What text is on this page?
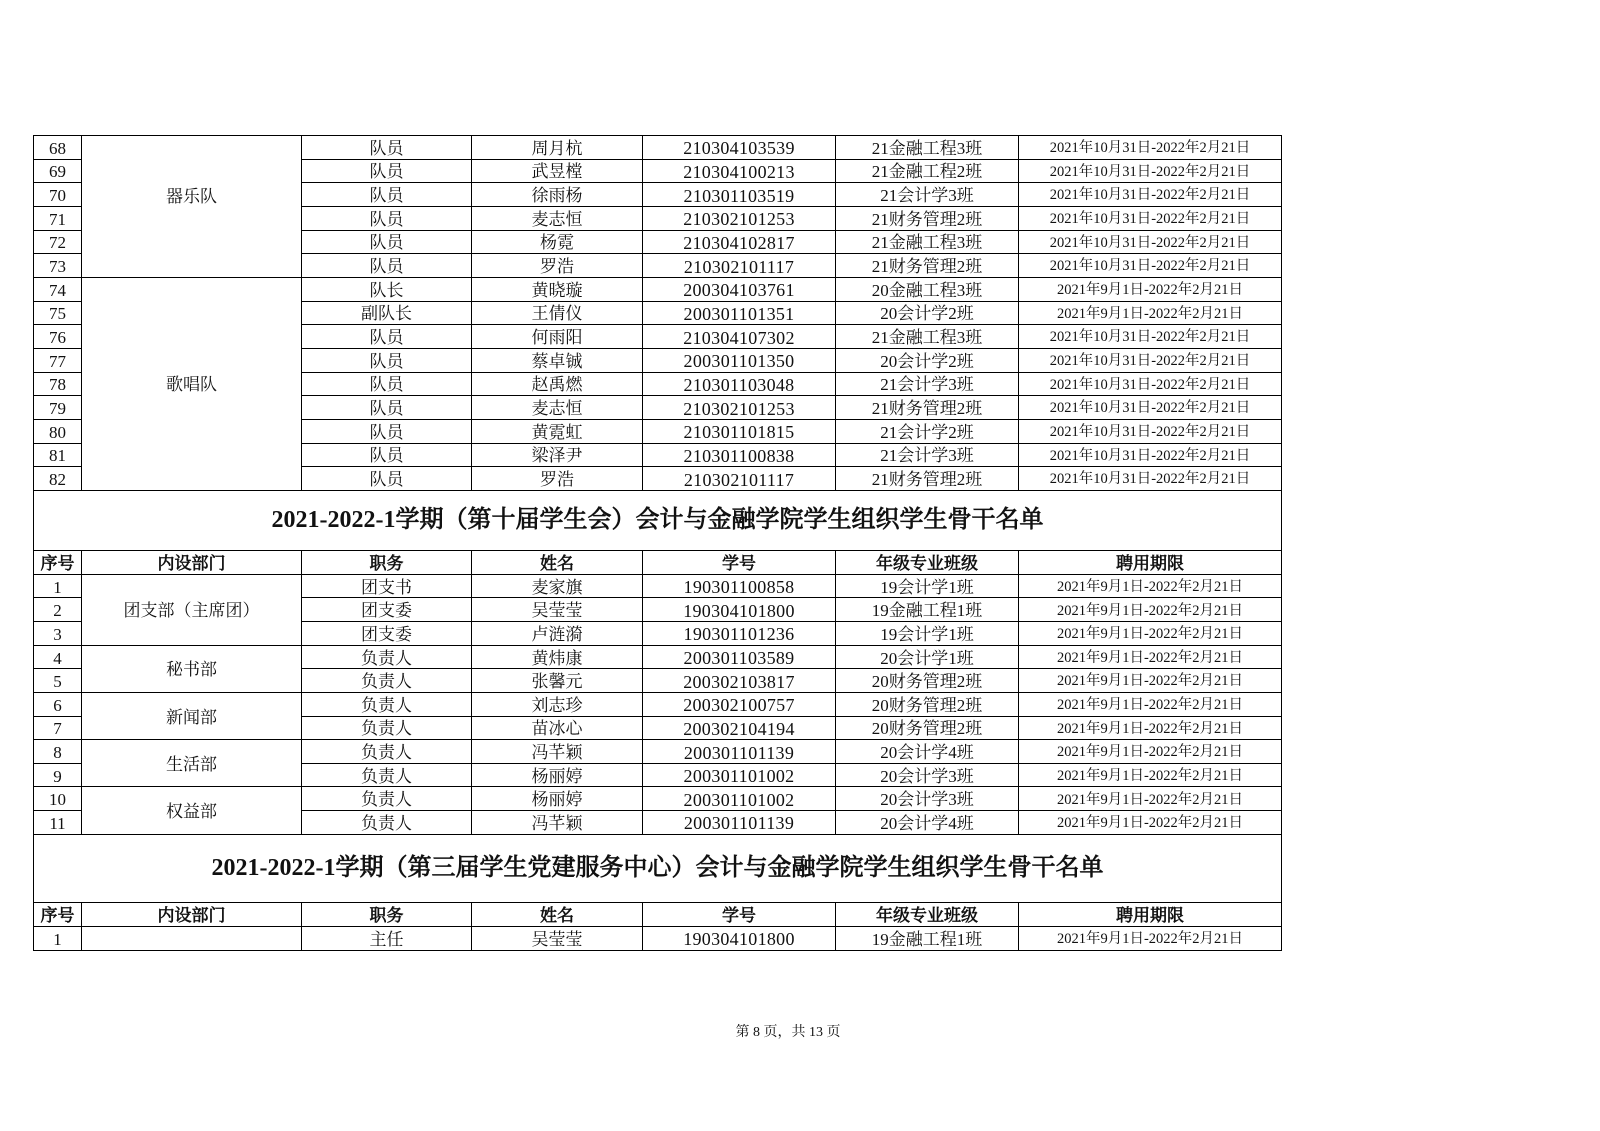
68	器乐队	队员	周月杭	210304103539	21金融工程3班	2021年10月31日-2022年2月21日
69		队员	武昱樘	210304100213	21金融工程2班	2021年10月31日-2022年2月21日
70		队员	徐雨杨	210301103519	21会计学3班	2021年10月31日-2022年2月21日
71		队员	麦志恒	210302101253	21财务管理2班	2021年10月31日-2022年2月21日
72		队员	杨霓	210304102817	21金融工程3班	2021年10月31日-2022年2月21日
73		队员	罗浩	210302101117	21财务管理2班	2021年10月31日-2022年2月21日
74	歌唱队	队长	黄晓璇	200304103761	20金融工程3班	2021年9月1日-2022年2月21日
75		副队长	王倩仪	200301101351	20会计学2班	2021年9月1日-2022年2月21日
76		队员	何雨阳	210304107302	21金融工程3班	2021年10月31日-2022年2月21日
77		队员	蔡卓铖	200301101350	20会计学2班	2021年10月31日-2022年2月21日
78		队员	赵禹燃	210301103048	21会计学3班	2021年10月31日-2022年2月21日
79		队员	麦志恒	210302101253	21财务管理2班	2021年10月31日-2022年2月21日
80		队员	黄霓虹	210301101815	21会计学2班	2021年10月31日-2022年2月21日
81		队员	梁泽尹	210301100838	21会计学3班	2021年10月31日-2022年2月21日
82		队员	罗浩	210302101117	21财务管理2班	2021年10月31日-2022年2月21日
2021-2022-1学期（第十届学生会）会计与金融学院学生组织学生骨干名单						
序号	内设部门	职务	姓名	学号	年级专业班级	聘用期限
1	团支部（主席团）	团支书	麦家旗	190301100858	19会计学1班	2021年9月1日-2022年2月21日
2		团支委	吴莹莹	190304101800	19金融工程1班	2021年9月1日-2022年2月21日
3		团支委	卢涟漪	190301101236	19会计学1班	2021年9月1日-2022年2月21日
4	秘书部	负责人	黄炜康	200301103589	20会计学1班	2021年9月1日-2022年2月21日
5		负责人	张馨元	200302103817	20财务管理2班	2021年9月1日-2022年2月21日
6	新闻部	负责人	刘志珍	200302100757	20财务管理2班	2021年9月1日-2022年2月21日
7		负责人	苗冰心	200302104194	20财务管理2班	2021年9月1日-2022年2月21日
8	生活部	负责人	冯芊颖	200301101139	20会计学4班	2021年9月1日-2022年2月21日
9		负责人	杨丽婷	200301101002	20会计学3班	2021年9月1日-2022年2月21日
10	权益部	负责人	杨丽婷	200301101002	20会计学3班	2021年9月1日-2022年2月21日
11		负责人	冯芊颖	200301101139	20会计学4班	2021年9月1日-2022年2月21日
2021-2022-1学期（第三届学生党建服务中心）会计与金融学院学生组织学生骨干名单						
序号	内设部门	职务	姓名	学号	年级专业班级	聘用期限
1		主任	吴莹莹	190304101800	19金融工程1班	2021年9月1日-2022年2月21日
第 8 页，共 13 页
